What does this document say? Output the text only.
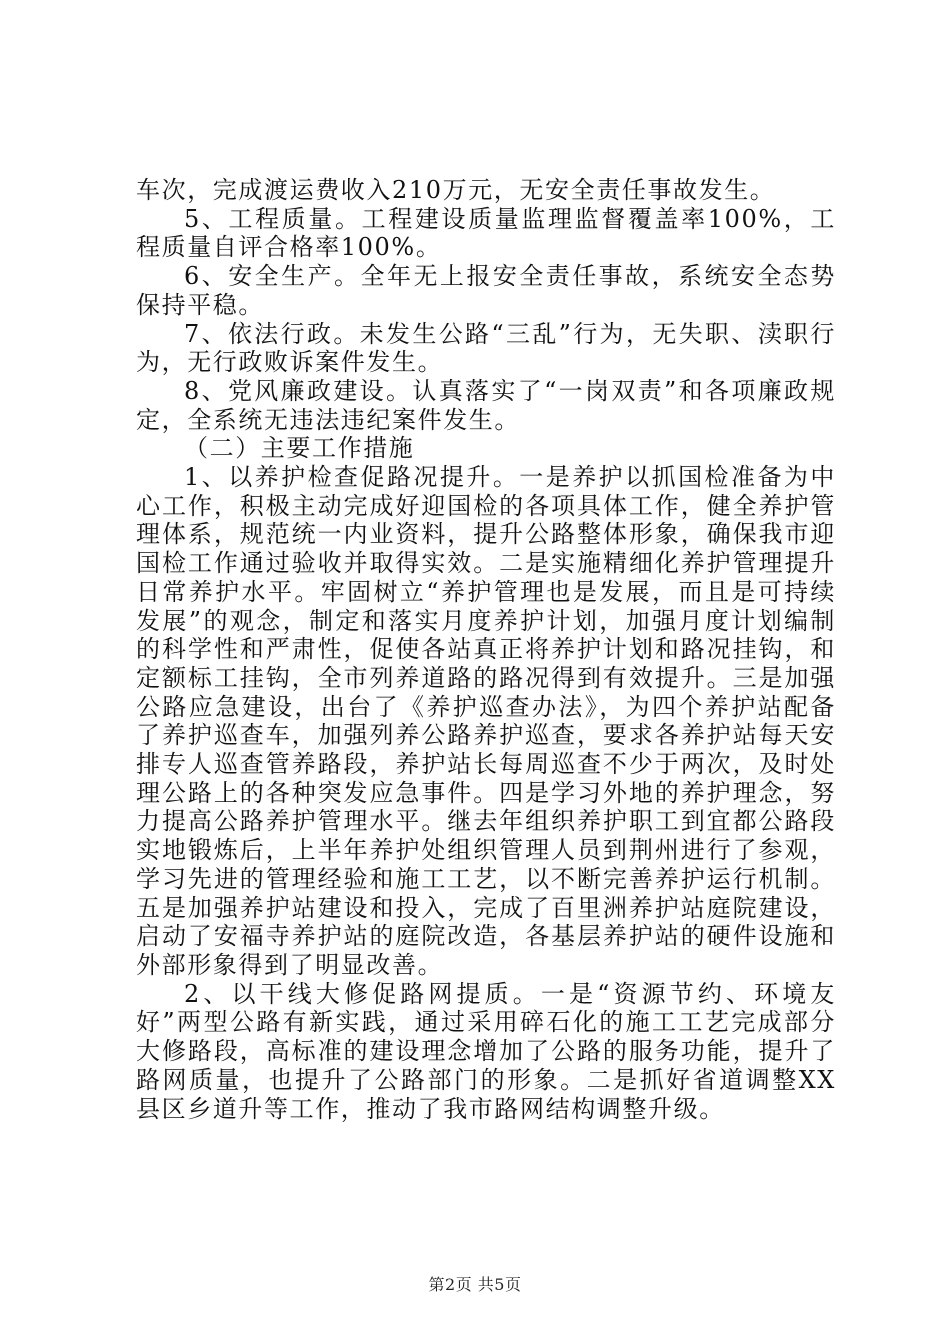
车次，完成渡运费收入210万元，无安全责任事故发生。

5、工程质量。工程建设质量监理监督覆盖率100%，工程质量自评合格率100%。

6、安全生产。全年无上报安全责任事故，系统安全态势保持平稳。

7、依法行政。未发生公路“三乱”行为，无失职、渎职行为，无行政败诉案件发生。

8、党风廉政建设。认真落实了“一岗双责”和各项廉政规定，全系统无违法违纪案件发生。

（二）主要工作措施

1、以养护检查促路况提升。一是养护以抓国检准备为中心工作，积极主动完成好迎国检的各项具体工作，健全养护管理体系，规范统一内业资料，提升公路整体形象，确保我市迎国检工作通过验收并取得实效。二是实施精细化养护管理提升日常养护水平。牢固树立“养护管理也是发展，而且是可持续发展”的观念，制定和落实月度养护计划，加强月度计划编制的科学性和严肃性，促使各站真正将养护计划和路况挂钩，和定额标工挂钩，全市列养道路的路况得到有效提升。三是加强公路应急建设，出台了《养护巡查办法》，为四个养护站配备了养护巡查车，加强列养公路养护巡查，要求各养护站每天安排专人巡查管养路段，养护站长每周巡查不少于两次，及时处理公路上的各种突发应急事件。四是学习外地的养护理念，努力提高公路养护管理水平。继去年组织养护职工到宜都公路段实地锻炼后，上半年养护处组织管理人员到荆州进行了参观，学习先进的管理经验和施工工艺，以不断完善养护运行机制。五是加强养护站建设和投入，完成了百里洲养护站庭院建设，启动了安福寺养护站的庭院改造，各基层养护站的硬件设施和外部形象得到了明显改善。

2、以干线大修促路网提质。一是“资源节约、环境友好”两型公路有新实践，通过采用碎石化的施工工艺完成部分大修路段，高标准的建设理念增加了公路的服务功能，提升了路网质量，也提升了公路部门的形象。二是抓好省道调整XX县区乡道升等工作，推动了我市路网结构调整升级。

第2页 共5页
